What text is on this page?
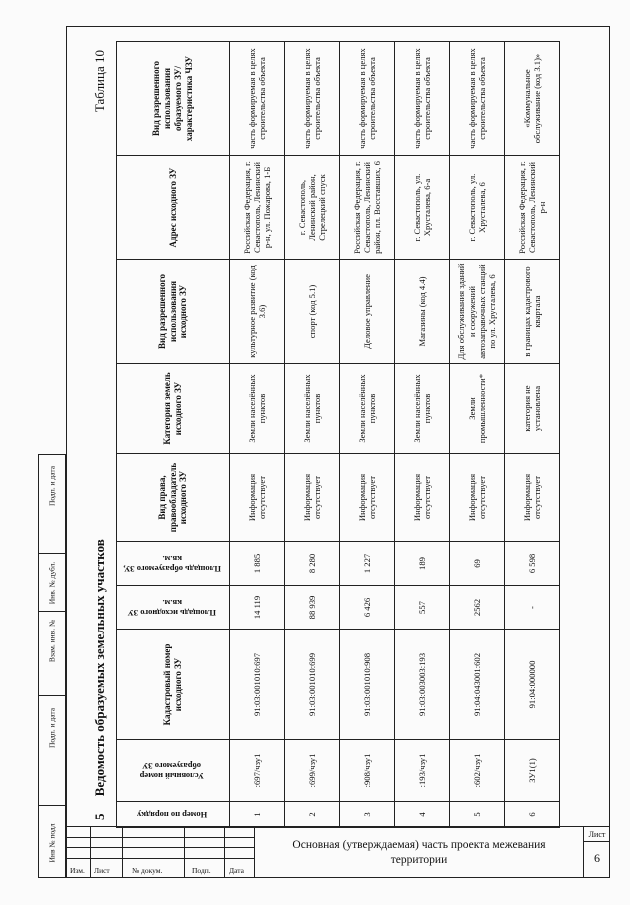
Подп. и дата
Инв. № дубл.
Взам. инв. №
Подп. и дата
Инв № подл
5 Ведомость образуемых земельных участков
Таблица 10
Номер по порядку	Условный номер образуемого ЗУ	Кадастровый номер исходного ЗУ	Площадь исходного ЗУ кв.м.	Площадь образуемого ЗУ, кв.м.	Вид права, правообладатель исходного ЗУ	Категория земель исходного ЗУ	Вид разрешенного использования исходного ЗУ	Адрес исходного ЗУ	Вид разрешенного использования образуемого ЗУ/характеристика ЧЗУ
1	:697/чзу1	91:03:001010:697	14 119	1 885	Информация отсутствует	Земли населённых пунктов	культурное развитие (код 3.6)	Российская Федерация, г. Севастополь, Ленинский р-н, ул. Пожарова, 1-Б	часть формируемая в целях строительства объекта
2	:699/чзу1	91:03:001010:699	88 939	8 280	Информация отсутствует	Земли населённых пунктов	спорт (код 5.1)	г. Севастополь, Ленинский район, Стрелецкий спуск	часть формируемая в целях строительства объекта
3	:908/чзу1	91:03:001010:908	6 426	1 227	Информация отсутствует	Земли населённых пунктов	Деловое управление	Российская Федерация, г. Севастополь, Ленинский район, пл. Восставших, 6	часть формируемая в целях строительства объекта
4	:193/чзу1	91:03:003003:193	557	189	Информация отсутствует	Земли населённых пунктов	Магазины (код 4.4)	г. Севастополь, ул. Хрусталева, 6-а	часть формируемая в целях строительства объекта
5	:602/чзу1	91:04:043001:602	2562	69	Информация отсутствует	Земли промышленности*	Для обслуживания зданий и сооружений автозаправочных станций по ул. Хрусталева, 6	г. Севастополь, ул. Хрусталева, 6	часть формируемая в целях строительства объекта
6	ЗУ1(1)	91:04:000000	-	6 598	Информация отсутствует	категория не установлена	в границах кадастрового квартала	Российская Федерация, г. Севастополь, Ленинский р-н	«Коммунальное обслуживание (код 3.1)»
Изм. Лист	№ докум.	Подп. Дата
Основная (утверждаемая) часть проекта межевания территории
Лист
6
